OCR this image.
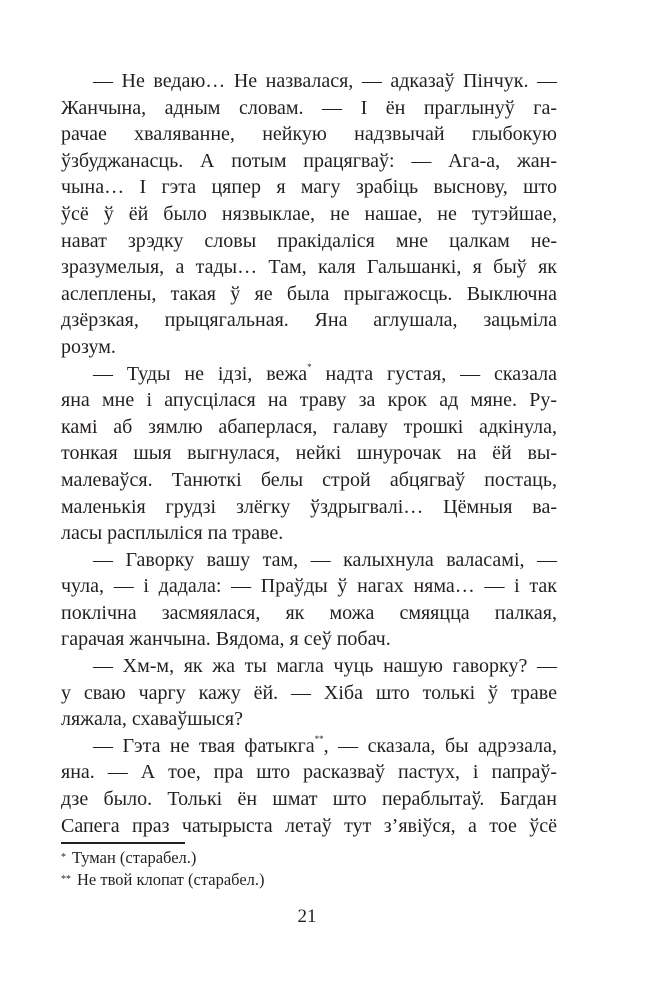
— Не ведаю… Не назвалася, — адказаў Пінчук. —
Жанчына, адным словам. — І ён праглынуў га-
рачае хваляванне, нейкую надзвычай глыбокую
ўзбуджанасць. А потым працягваў: — Ага-а, жан-
чына… І гэта цяпер я магу зрабіць выснову, што
ўсё ў ёй было нязвыклае, не нашае, не тутэйшае,
нават зрэдку словы пракідаліся мне цалкам не-
зразумелыя, а тады… Там, каля Гальшанкі, я быў як
аслеплены, такая ў яе была прыгажосць. Выключна
дзёрзкая, прыцягальная. Яна аглушала, зацьміла
розум.
— Туды не ідзі, вежа* надта густая, — сказала
яна мне і апусцілася на траву за крок ад мяне. Ру-
камі аб зямлю абаперлася, галаву трошкі адкінула,
тонкая шыя выгнулася, нейкі шнурочак на ёй вы-
малеваўся. Танюткі белы строй абцягваў постаць,
маленькія грудзі злёгку ўздрыгвалі… Цёмныя ва-
ласы расплыліся па траве.
— Гаворку вашу там, — калыхнула валасамі, —
чула, — і дадала: — Праўды ў нагах няма… — і так
поклічна засмяялася, як можа смяяцца палкая,
гарачая жанчына. Вядома, я сеў побач.
— Хм-м, як жа ты магла чуць нашую гаворку? —
у сваю чаргу кажу ёй. — Хіба што толькі ў траве
ляжала, схаваўшыся?
— Гэта не твая фатыкга**, — сказала, бы адрэзала,
яна. — А тое, пра што расказваў пастух, і папраў-
дзе было. Толькі ён шмат што пераблытаў. Багдан
Сапега праз чатырыста летаў тут з’явіўся, а тое ўсё
* Туман (старабел.)
** Не твой клопат (старабел.)
21
